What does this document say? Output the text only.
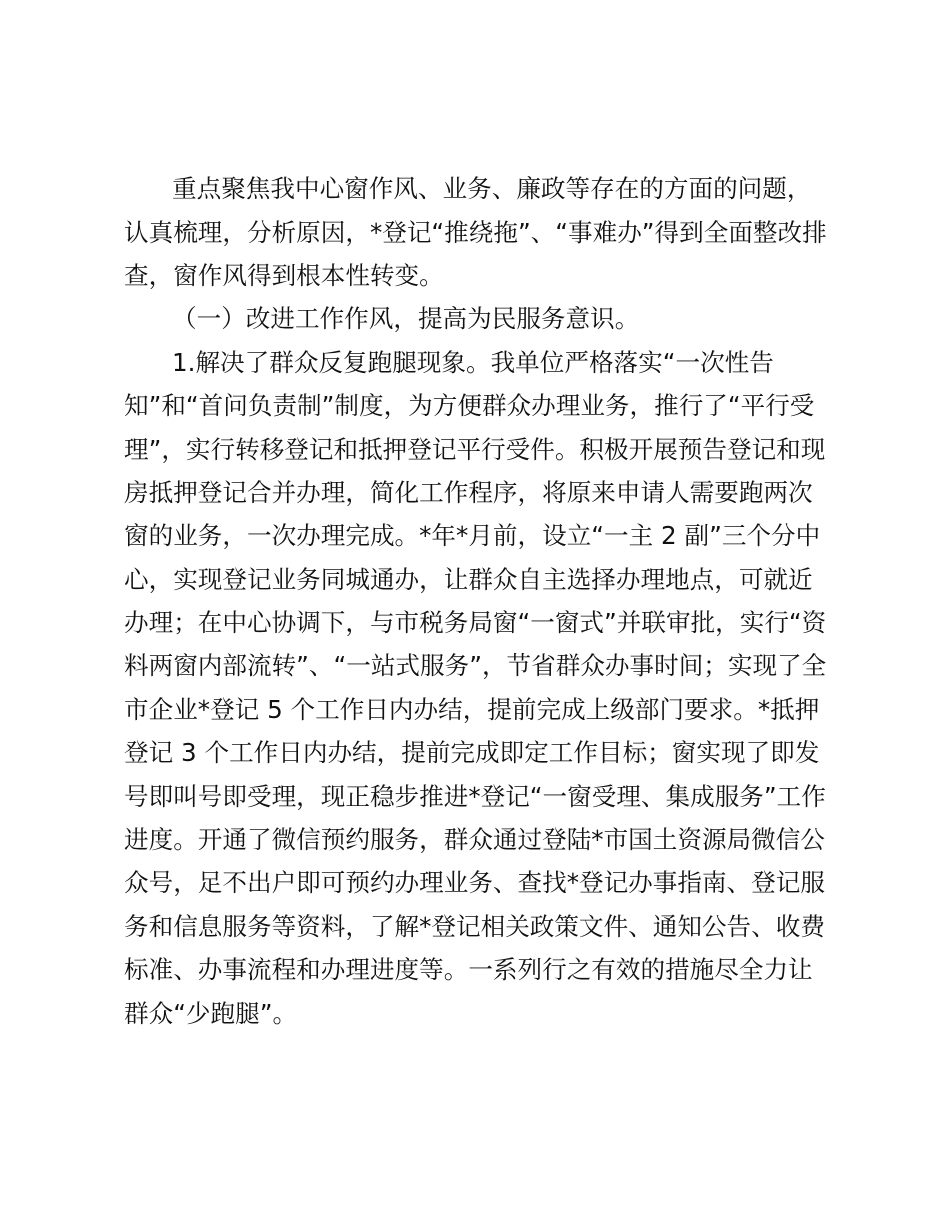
重点聚焦我中心窗作风、业务、廉政等存在的方面的问题，
认真梳理，分析原因，*登记“推绕拖”、“事难办”得到全面整改排
查，窗作风得到根本性转变。
（一）改进工作作风，提高为民服务意识。
1.解决了群众反复跑腿现象。我单位严格落实“一次性告
知”和“首问负责制”制度，为方便群众办理业务，推行了“平行受
理”，实行转移登记和抵押登记平行受件。积极开展预告登记和现
房抵押登记合并办理，简化工作程序，将原来申请人需要跑两次
窗的业务，一次办理完成。*年*月前，设立“一主 2 副”三个分中
心，实现登记业务同城通办，让群众自主选择办理地点，可就近
办理；在中心协调下，与市税务局窗“一窗式”并联审批，实行“资
料两窗内部流转”、“一站式服务”，节省群众办事时间；实现了全
市企业*登记 5 个工作日内办结，提前完成上级部门要求。*抵押
登记 3 个工作日内办结，提前完成即定工作目标；窗实现了即发
号即叫号即受理，现正稳步推进*登记“一窗受理、集成服务”工作
进度。开通了微信预约服务，群众通过登陆*市国土资源局微信公
众号，足不出户即可预约办理业务、查找*登记办事指南、登记服
务和信息服务等资料，了解*登记相关政策文件、通知公告、收费
标准、办事流程和办理进度等。一系列行之有效的措施尽全力让
群众“少跑腿”。
